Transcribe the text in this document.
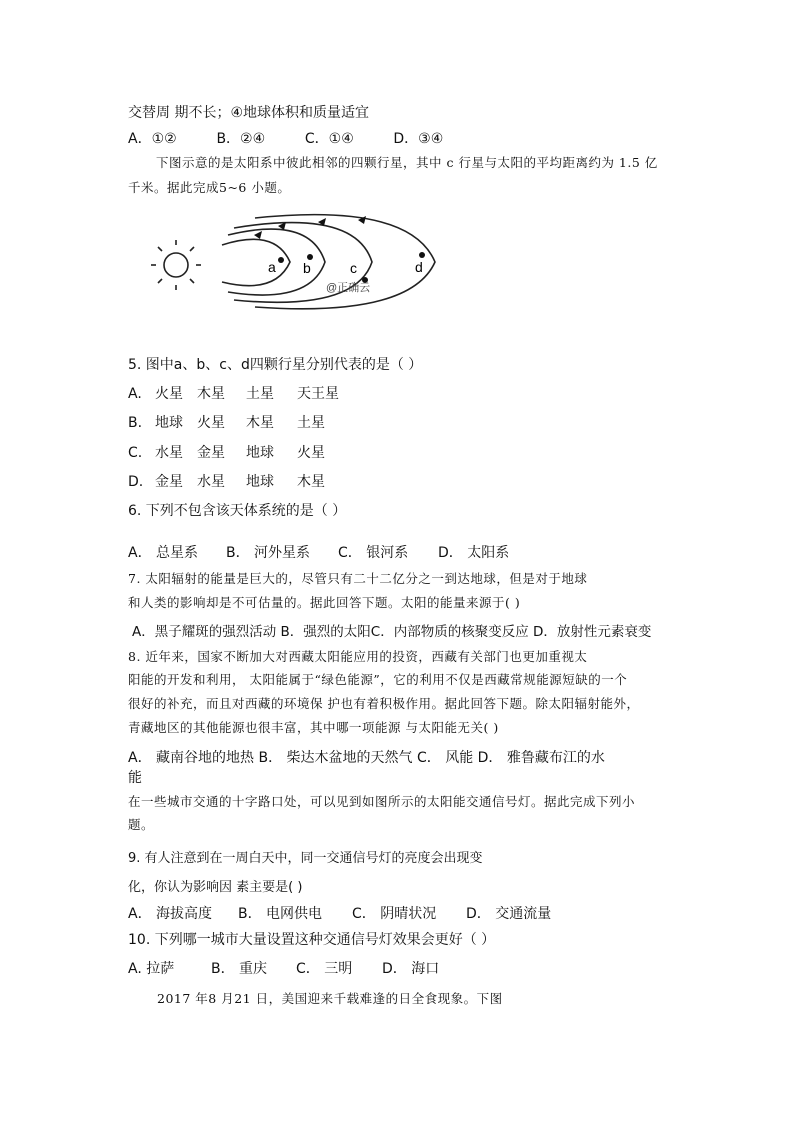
交替周 期不长；④地球体积和质量适宜
A．①②	B．②④	C．①④	D．③④
下图示意的是太阳系中彼此相邻的四颗行星，其中 c 行星与太阳的平均距离约为 1.5 亿
千米。据此完成5~6 小题。
a b	c	d
@正确云
5. 图中a、b、c、d四颗行星分别代表的是（ ）
A. 火星 木星 土星 天王星
B. 地球 火星 木星 土星
C. 水星 金星 地球 火星
D. 金星 水星 地球 木星
6. 下列不包含该天体系统的是（ ）
A． 总星系 B． 河外星系 C． 银河系 D． 太阳系
7. 太阳辐射的能量是巨大的，尽管只有二十二亿分之一到达地球，但是对于地球
和人类的影响却是不可估量的。据此回答下题。太阳的能量来源于( )
A．黑子耀斑的强烈活动 B．强烈的太阳C．内部物质的核聚变反应 D．放射性元素衰变
8. 近年来，国家不断加大对西藏太阳能应用的投资，西藏有关部门也更加重视太
阳能的开发和利用， 太阳能属于“绿色能源”，它的利用不仅是西藏常规能源短缺的一个
很好的补充，而且对西藏的环境保 护也有着积极作用。据此回答下题。除太阳辐射能外，
青藏地区的其他能源也很丰富，其中哪一项能源 与太阳能无关( )
A． 藏南谷地的地热 B． 柴达木盆地的天然气 C． 风能 D． 雅鲁藏布江的水
能
在一些城市交通的十字路口处，可以见到如图所示的太阳能交通信号灯。据此完成下列小
题。
9. 有人注意到在一周白天中，同一交通信号灯的亮度会出现变
化，你认为影响因 素主要是( )
A． 海拔高度 B． 电网供电 C． 阴晴状况 D． 交通流量
10. 下列哪一城市大量设置这种交通信号灯效果会更好（ ）
A. 拉萨	B． 重庆 C． 三明 D． 海口
2017 年8 月21 日，美国迎来千载难逢的日全食现象。下图
